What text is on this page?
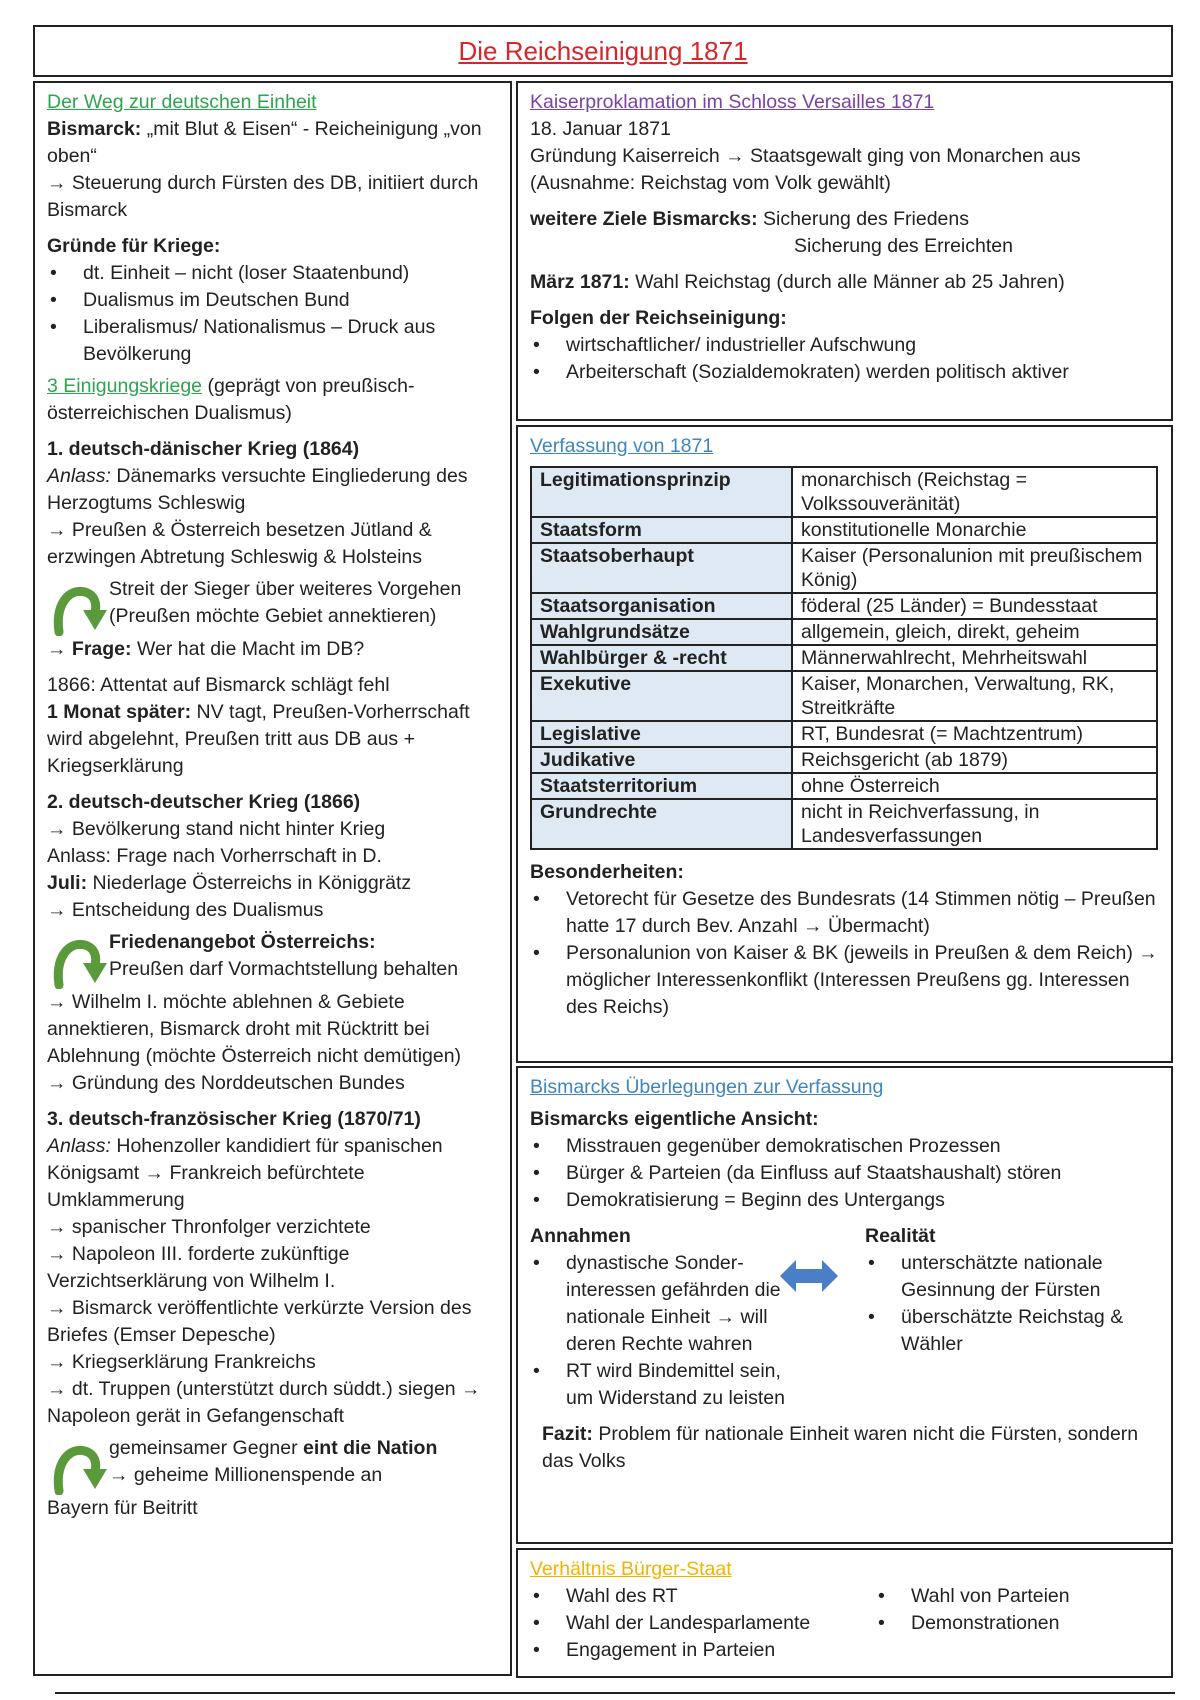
Die Reichseinigung 1871
Der Weg zur deutschen Einheit

Bismarck: „mit Blut & Eisen“ - Reicheinigung „von oben“

→ Steuerung durch Fürsten des DB, initiiert durch Bismarck

Gründe für Kriege:

• dt. Einheit – nicht (loser Staatenbund)
• Dualismus im Deutschen Bund
• Liberalismus/ Nationalismus – Druck aus Bevölkerung

3 Einigungskriege (geprägt von preußisch-österreichischen Dualismus)

1. deutsch-dänischer Krieg (1864)

Anlass: Dänemarks versuchte Eingliederung des Herzogtums Schleswig

→ Preußen & Österreich besetzen Jütland & erzwingen Abtretung Schleswig & Holsteins

Streit der Sieger über weiteres Vorgehen (Preußen möchte Gebiet annektieren)

→ Frage: Wer hat die Macht im DB?

1866: Attentat auf Bismarck schlägt fehl

1 Monat später: NV tagt, Preußen-Vorherrschaft wird abgelehnt, Preußen tritt aus DB aus + Kriegserklärung

2. deutsch-deutscher Krieg (1866)

→ Bevölkerung stand nicht hinter Krieg

Anlass: Frage nach Vorherrschaft in D.

Juli: Niederlage Österreichs in Königgrätz

→ Entscheidung des Dualismus

Friedenangebot Österreichs:

Preußen darf Vormachtstellung behalten

→ Wilhelm I. möchte ablehnen & Gebiete annektieren, Bismarck droht mit Rücktritt bei Ablehnung (möchte Österreich nicht demütigen)

→ Gründung des Norddeutschen Bundes

3. deutsch-französischer Krieg (1870/71)

Anlass: Hohenzoller kandidiert für spanischen Königsamt → Frankreich befürchtete Umklammerung

→ spanischer Thronfolger verzichtete

→ Napoleon III. forderte zukünftige Verzichtserklärung von Wilhelm I.

→ Bismarck veröffentlichte verkürzte Version des Briefes (Emser Depesche)

→ Kriegserklärung Frankreichs

→ dt. Truppen (unterstützt durch süddt.) siegen → Napoleon gerät in Gefangenschaft

gemeinsamer Gegner eint die Nation

→ geheime Millionenspende an

Bayern für Beitritt

Kaiserproklamation im Schloss Versailles 1871

18. Januar 1871

Gründung Kaiserreich → Staatsgewalt ging von Monarchen aus (Ausnahme: Reichstag vom Volk gewählt)

weitere Ziele Bismarcks: Sicherung des Friedens

Sicherung des Erreichten

März 1871: Wahl Reichstag (durch alle Männer ab 25 Jahren)

Folgen der Reichseinigung:

• wirtschaftlicher/ industrieller Aufschwung
• Arbeiterschaft (Sozialdemokraten) werden politisch aktiver
Verfassung von 1871
Legitimationsprinzip	monarchisch (Reichstag = Volkssouveränität)
Staatsform	konstitutionelle Monarchie
Staatsoberhaupt	Kaiser (Personalunion mit preußischem König)
Staatsorganisation	föderal (25 Länder) = Bundesstaat
Wahlgrundsätze	allgemein, gleich, direkt, geheim
Wahlbürger & -recht	Männerwahlrecht, Mehrheitswahl
Exekutive	Kaiser, Monarchen, Verwaltung, RK, Streitkräfte
Legislative	RT, Bundesrat (= Machtzentrum)
Judikative	Reichsgericht (ab 1879)
Staatsterritorium	ohne Österreich
Grundrechte	nicht in Reichverfassung, in Landesverfassungen

Besonderheiten:

• Vetorecht für Gesetze des Bundesrats (14 Stimmen nötig – Preußen hatte 17 durch Bev. Anzahl → Übermacht)
• Personalunion von Kaiser & BK (jeweils in Preußen & dem Reich) → möglicher Interessenkonflikt (Interessen Preußens gg. Interessen des Reichs)
Bismarcks Überlegungen zur Verfassung

Bismarcks eigentliche Ansicht:

• Misstrauen gegenüber demokratischen Prozessen
• Bürger & Parteien (da Einfluss auf Staatshaushalt) stören
• Demokratisierung = Beginn des Untergangs

Annahmen

• dynastische Sonder-interessen gefährden die nationale Einheit → will deren Rechte wahren
• RT wird Bindemittel sein, um Widerstand zu leisten

Realität

• unterschätzte nationale Gesinnung der Fürsten
• überschätzte Reichstag & Wähler

Fazit: Problem für nationale Einheit waren nicht die Fürsten, sondern das Volks

Verhältnis Bürger-Staat
• Wahl des RT
• Wahl der Landesparlamente
• Engagement in Parteien
• Wahl von Parteien
• Demonstrationen
